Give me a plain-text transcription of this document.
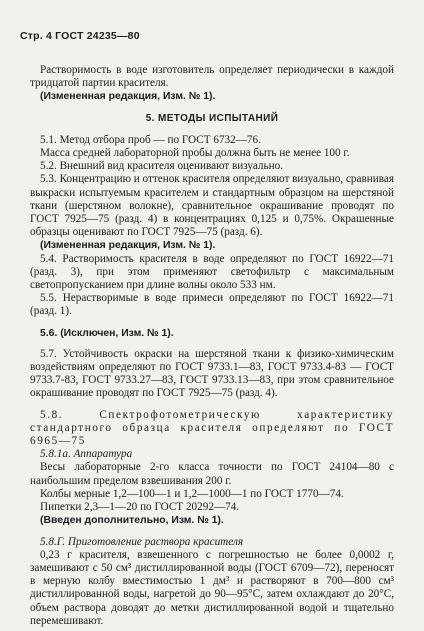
Стр. 4 ГОСТ 24235—80

Растворимость в воде изготовитель определяет периодически в каждой тридцатой партии красителя.

(Измененная редакция, Изм. № 1).

5. МЕТОДЫ ИСПЫТАНИЙ

5.1. Метод отбора проб — по ГОСТ 6732—76.

Масса средней лабораторной пробы должна быть не менее 100 г.

5.2. Внешний вид красителя оценивают визуально.

5.3. Концентрацию и оттенок красителя определяют визуально, сравнивая выкраски испытуемым красителем и стандартным образцом на шерстяной ткани (шерстяном волокне), сравнительное окрашивание проводят по ГОСТ 7925—75 (разд. 4) в концентрациях 0,125 и 0,75%. Окрашенные образцы оценивают по ГОСТ 7925—75 (разд. 6).

(Измененная редакция, Изм. № 1).

5.4. Растворимость красителя в воде определяют по ГОСТ 16922—71 (разд. 3), при этом применяют светофильтр с максимальным светопропусканием при длине волны около 533 нм.

5.5. Нерастворимые в воде примеси определяют по ГОСТ 16922—71 (разд. 1).

5.6. (Исключен, Изм. № 1).

5.7. Устойчивость окраски на шерстяной ткани к физико-химическим воздействиям определяют по ГОСТ 9733.1—83, ГОСТ 9733.4-83 — ГОСТ 9733.7-83, ГОСТ 9733.27—83, ГОСТ 9733.13—83, при этом сравнительное окрашивание проводят по ГОСТ 7925—75 (разд. 4).

5.8. Спектрофотометрическую характеристику стандартного образца красителя определяют по ГОСТ 6965—75

5.8.1а. Аппаратура

Весы лабораторные 2-го класса точности по ГОСТ 24104—80 с наибольшим пределом взвешивания 200 г.

Колбы мерные 1,2—100—1 и 1,2—1000—1 по ГОСТ 1770—74.

Пипетки 2,3—1—20 по ГОСТ 20292—74.

(Введен дополнительно, Изм. № 1).

5.8.Г. Приготовление раствора красителя

0,23 г красителя, взвешенного с погрешностью не более 0,0002 г, замешивают с 50 см³ дистиллированной воды (ГОСТ 6709—72), переносят в мерную колбу вместимостью 1 дм³ и растворяют в 700—800 см³ дистиллированной воды, нагретой до 90—95°С, затем охлаждают до 20°С, объем раствора доводят до метки дистиллированной водой и тщательно перемешивают.
